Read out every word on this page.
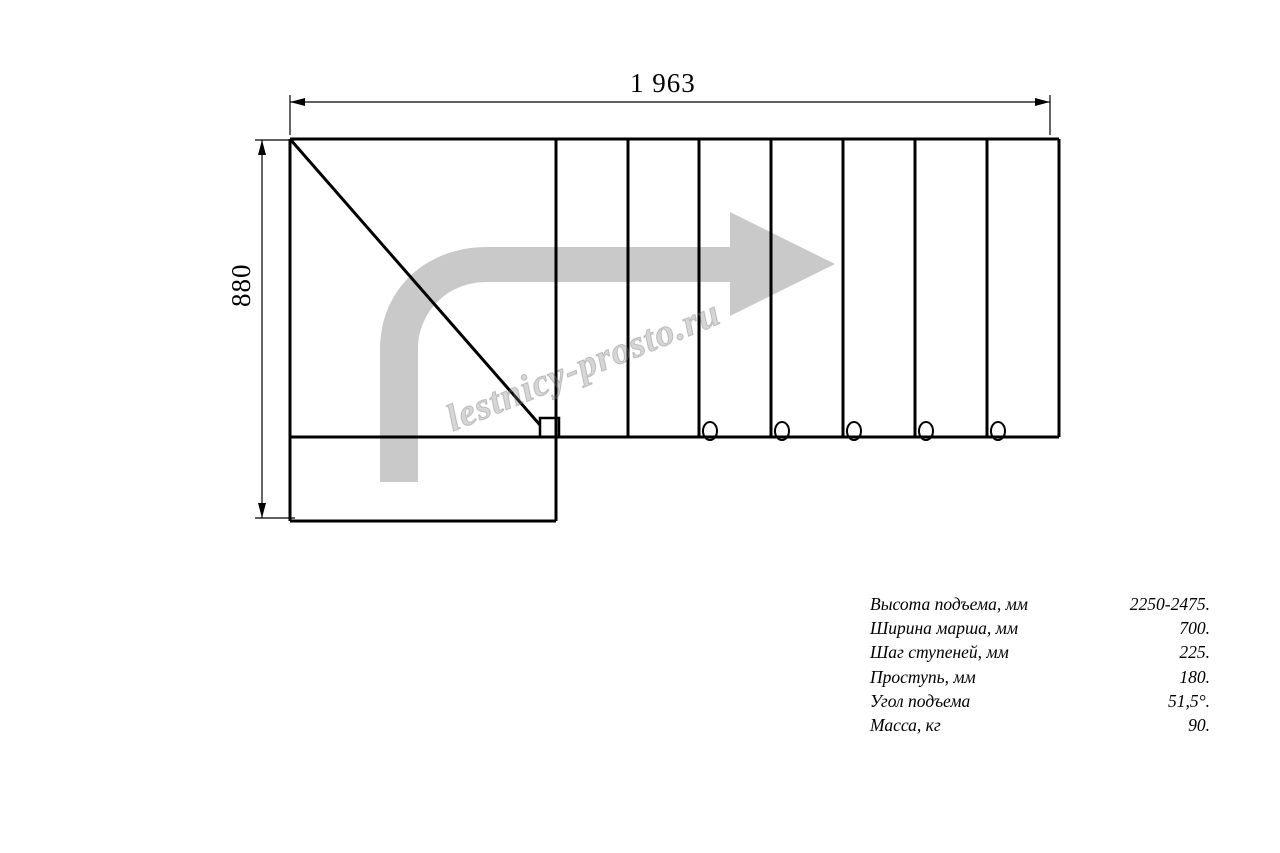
1 963
880
lestnicy-prosto.ru
Высота подъема, мм	2250-2475.
Ширина марша, мм	700.
Шаг ступеней, мм	225.
Проступь, мм	180.
Угол подъема	51,5°.
Масса, кг	90.
